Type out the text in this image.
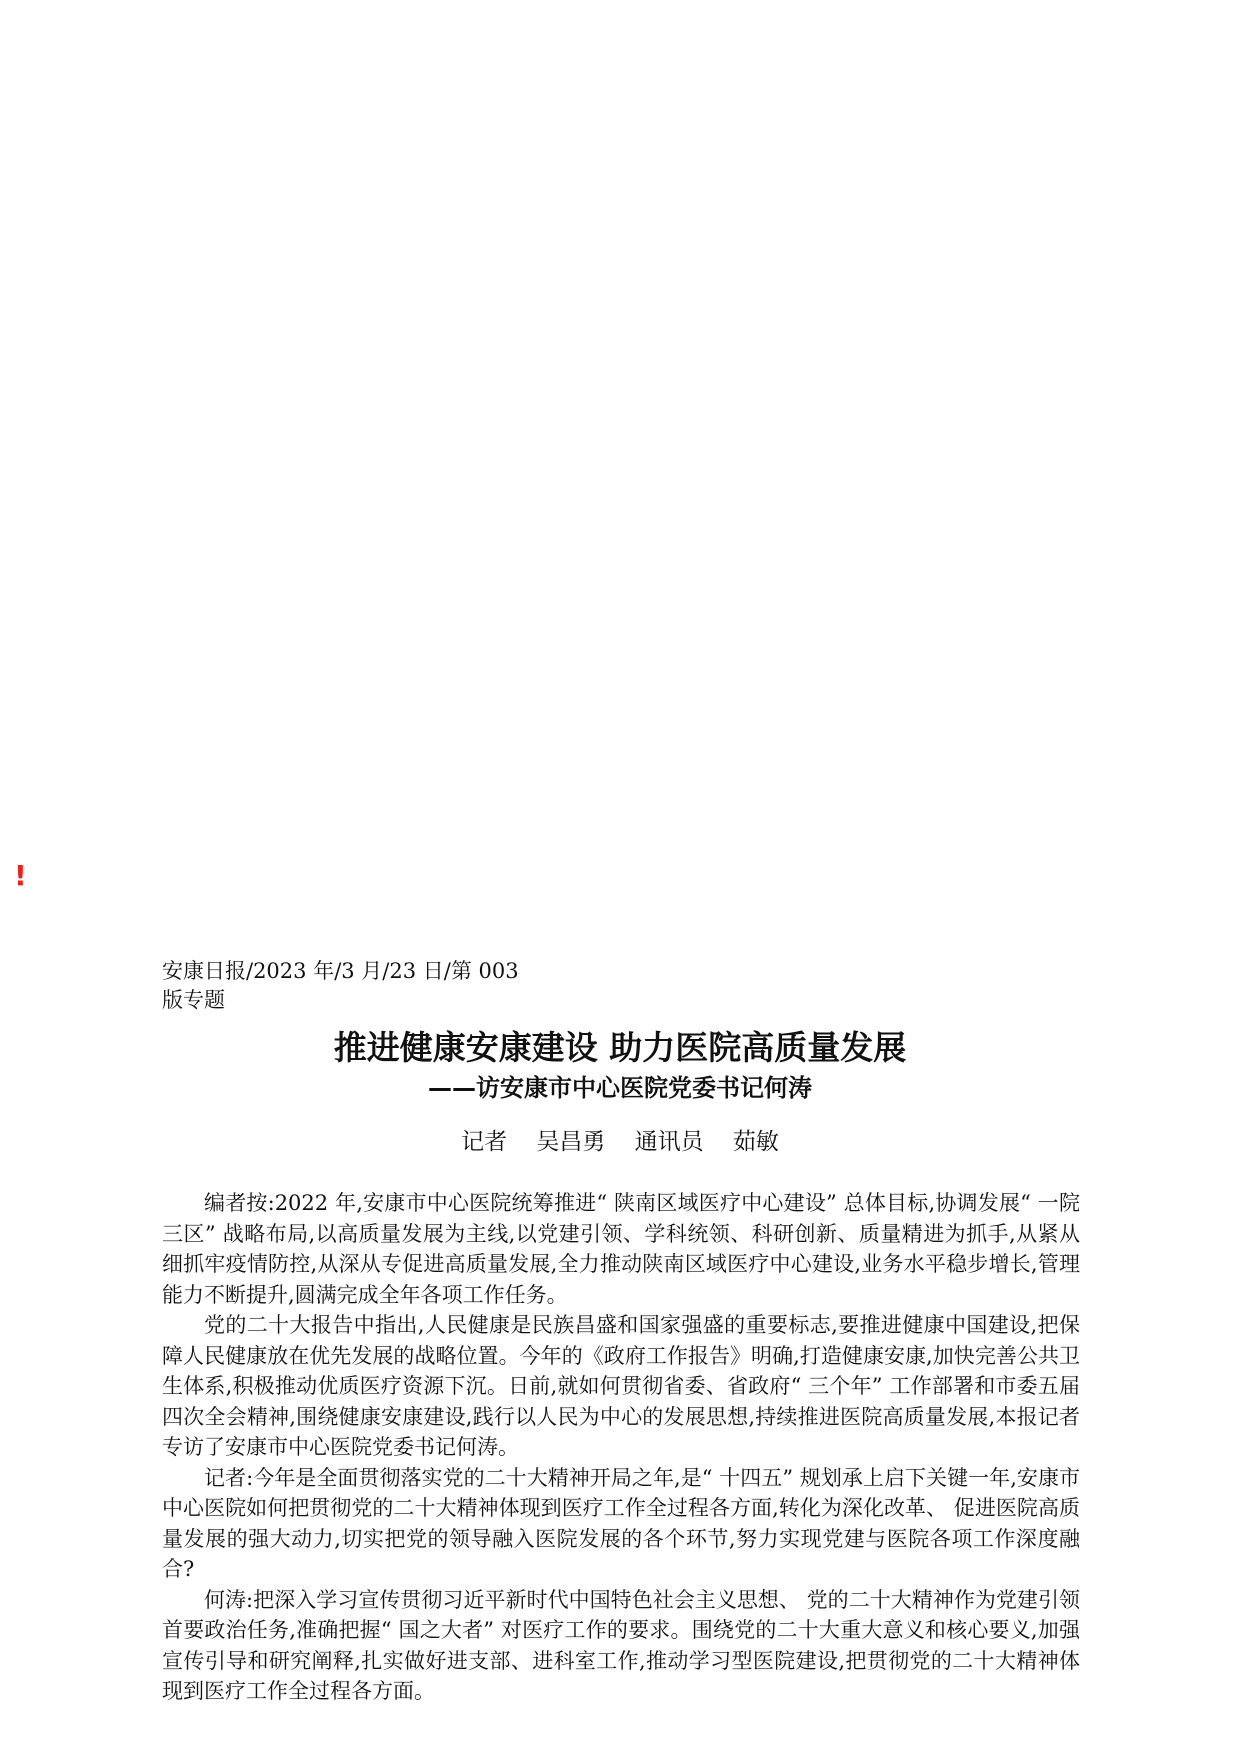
!
安康日报/2023 年/3 月/23 日/第 003
版专题
推进健康安康建设 助力医院高质量发展
——访安康市中心医院党委书记何涛
记者    吴昌勇    通讯员    茹敏

编者按:2022 年,安康市中心医院统筹推进“ 陕南区域医疗中心建设” 总体目标,协调发展“ 一院三区” 战略布局,以高质量发展为主线,以党建引领、学科统领、科研创新、质量精进为抓手,从紧从细抓牢疫情防控,从深从专促进高质量发展,全力推动陕南区域医疗中心建设,业务水平稳步增长,管理能力不断提升,圆满完成全年各项工作任务。

党的二十大报告中指出,人民健康是民族昌盛和国家强盛的重要标志,要推进健康中国建设,把保障人民健康放在优先发展的战略位置。今年的《政府工作报告》明确,打造健康安康,加快完善公共卫生体系,积极推动优质医疗资源下沉。日前,就如何贯彻省委、省政府“ 三个年” 工作部署和市委五届四次全会精神,围绕健康安康建设,践行以人民为中心的发展思想,持续推进医院高质量发展,本报记者专访了安康市中心医院党委书记何涛。

记者:今年是全面贯彻落实党的二十大精神开局之年,是“ 十四五” 规划承上启下关键一年,安康市中心医院如何把贯彻党的二十大精神体现到医疗工作全过程各方面,转化为深化改革、 促进医院高质量发展的强大动力,切实把党的领导融入医院发展的各个环节,努力实现党建与医院各项工作深度融合?

何涛:把深入学习宣传贯彻习近平新时代中国特色社会主义思想、 党的二十大精神作为党建引领首要政治任务,准确把握“ 国之大者” 对医疗工作的要求。围绕党的二十大重大意义和核心要义,加强宣传引导和研究阐释,扎实做好进支部、进科室工作,推动学习型医院建设,把贯彻党的二十大精神体现到医疗工作全过程各方面。
